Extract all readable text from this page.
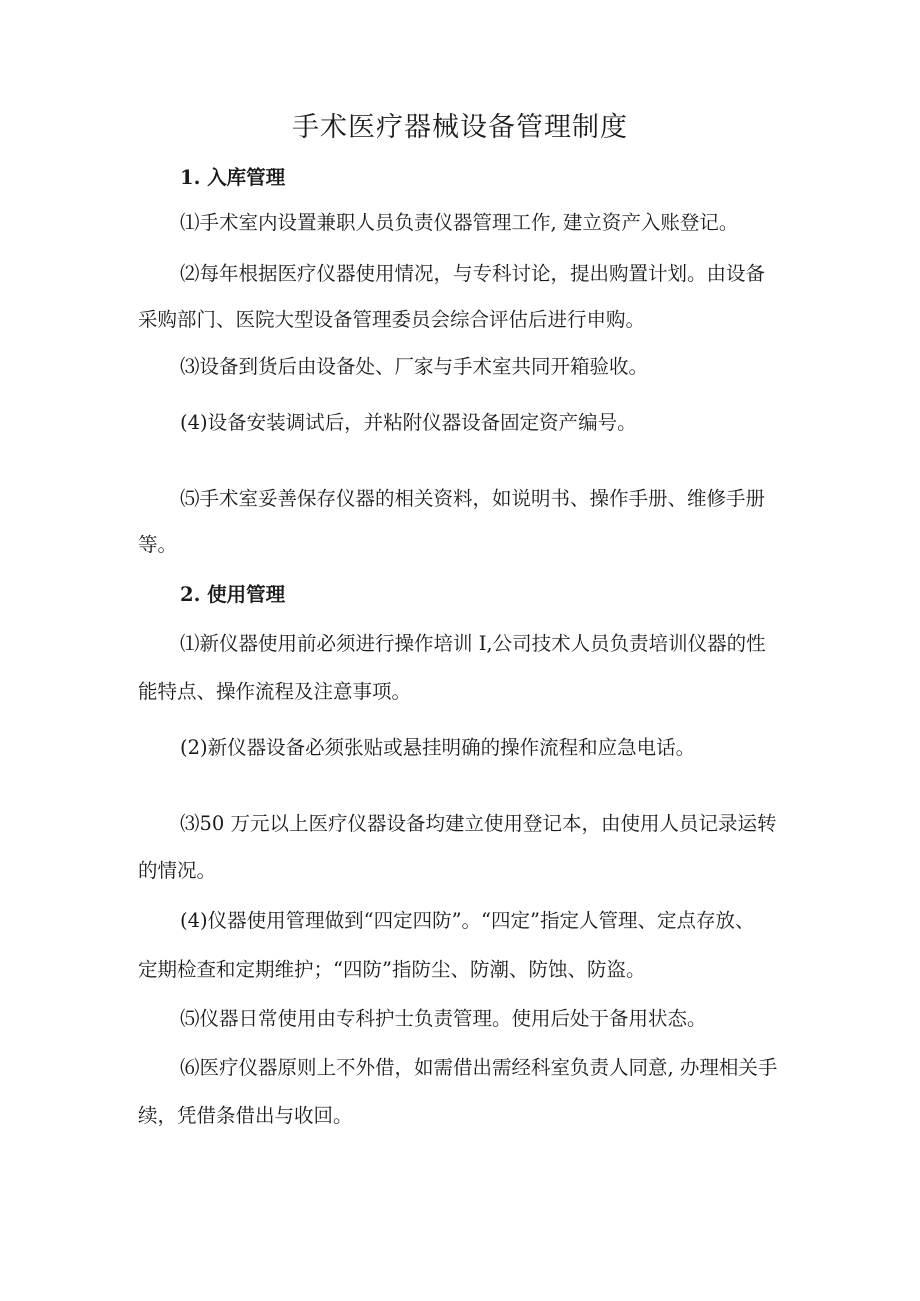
手术医疗器械设备管理制度
1. 入库管理
⑴手术室内设置兼职人员负责仪器管理工作, 建立资产入账登记。
⑵每年根据医疗仪器使用情况，与专科讨论，提出购置计划。由设备
采购部门、医院大型设备管理委员会综合评估后进行申购。
⑶设备到货后由设备处、厂家与手术室共同开箱验收。
(4)设备安装调试后，并粘附仪器设备固定资产编号。
⑸手术室妥善保存仪器的相关资料，如说明书、操作手册、维修手册
等。
2. 使用管理
⑴新仪器使用前必须进行操作培训 I,公司技术人员负责培训仪器的性
能特点、操作流程及注意事项。
(2)新仪器设备必须张贴或悬挂明确的操作流程和应急电话。
⑶50 万元以上医疗仪器设备均建立使用登记本，由使用人员记录运转
的情况。
(4)仪器使用管理做到“四定四防”。“四定”指定人管理、定点存放、
定期检查和定期维护；“四防”指防尘、防潮、防蚀、防盗。
⑸仪器日常使用由专科护士负责管理。使用后处于备用状态。
⑹医疗仪器原则上不外借，如需借出需经科室负责人同意, 办理相关手
续，凭借条借出与收回。
